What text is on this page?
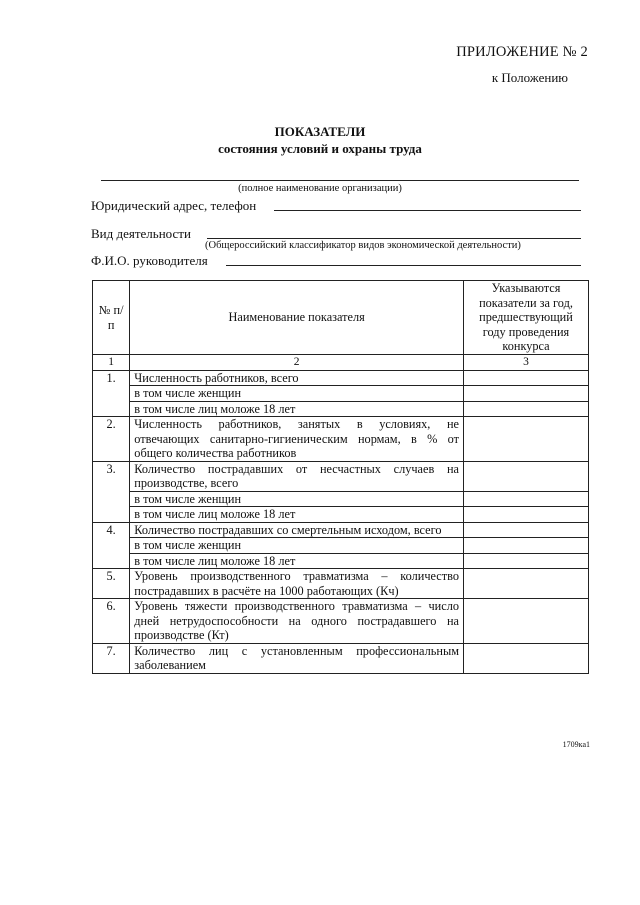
ПРИЛОЖЕНИЕ № 2
к Положению
ПОКАЗАТЕЛИ
состояния условий и охраны труда
(полное наименование организации)
Юридический адрес, телефон
Вид деятельности
(Общероссийский классификатор видов экономической деятельности)
Ф.И.О. руководителя
№ п/п	Наименование показателя	Указываются показатели за год, предшествующий году проведения конкурса
1	2	3
1.	Численность работников, всего	
	в том числе женщин	
	в том числе лиц моложе 18 лет	
2.	Численность работников, занятых в условиях, не отвечающих санитарно-гигиеническим нормам, в % от общего количества работников	
3.	Количество пострадавших от несчастных случаев на производстве, всего	
	в том числе женщин	
	в том числе лиц моложе 18 лет	
4.	Количество пострадавших со смертельным исходом, всего	
	в том числе женщин	
	в том числе лиц моложе 18 лет	
5.	Уровень производственного травматизма – количество пострадавших в расчёте на 1000 работающих (Кч)	
6.	Уровень тяжести производственного травматизма – число дней нетрудоспособности на одного пострадавшего на производстве (Кт)	
7.	Количество лиц с установленным профессиональным заболеванием	
1709ка1
